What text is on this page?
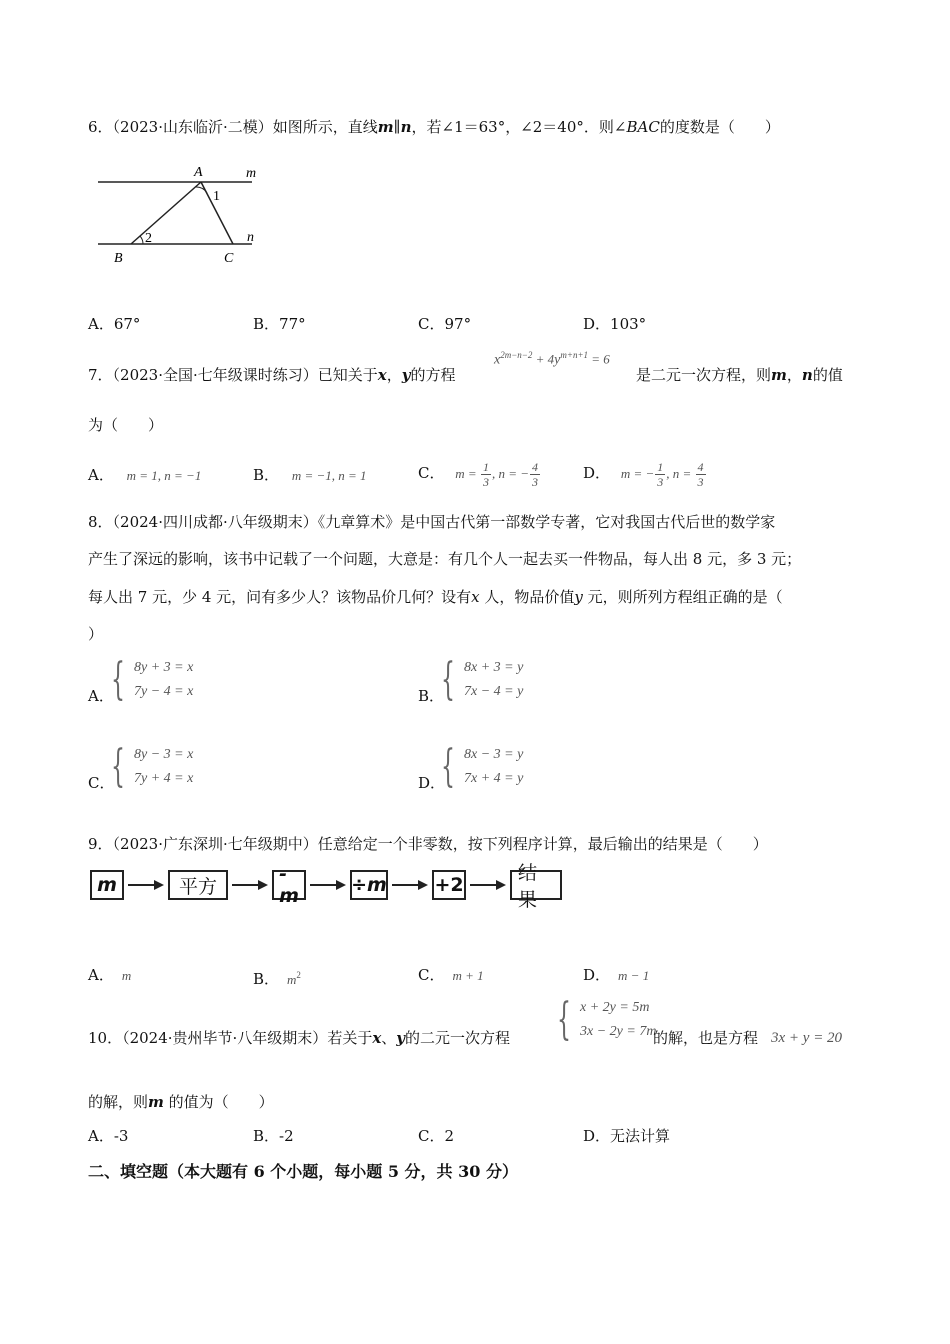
6．（2023·山东临沂·二模）如图所示，直线m∥n，若∠1＝63°，∠2＝40°．则∠BAC的度数是（　　）
A	m
1
2	n
B	C
A．67°	B．77°	C．97°	D．103°
7．（2023·全国·七年级课时练习）已知关于x，y的方程
$x^{2m-n-2} + 4y^{m+n+1} = 6$
是二元一次方程，则m，n的值
为（　　）
A． m = 1, n = −1	B． m = −1, n = 1	C． $m = \frac{1}{3}$ , n = − $\frac{4}{3}$	D． m = − $\frac{1}{3}$ , $n = \frac{4}{3}$
8．（2024·四川成都·八年级期末）《九章算术》是中国古代第一部数学专著，它对我国古代后世的数学家
产生了深远的影响，该书中记载了一个问题，大意是：有几个人一起去买一件物品，每人出 8 元，多 3 元；
每人出 7 元，少 4 元，问有多少人？该物品价几何？设有x 人，物品价值y 元，则所列方程组正确的是（
）
A．
{ 8y + 3 = x
7y − 4 = x	B．
{ 8x + 3 = y
7x − 4 = y
C．
{ 8y − 3 = x
7y + 4 = x	D．
{ 8x − 3 = y
7x + 4 = y
9．（2023·广东深圳·七年级期中）任意给定一个非零数，按下列程序计算，最后输出的结果是（　　）
m	平方
-m	÷m	+2
结果
A． m	B． $m^2$	C． m + 1	D． m − 1
10．（2024·贵州毕节·八年级期末）若关于x、y的二元一次方程 { x + 2y = 5m
3x − 2y = 7m
的解，也是方程 3x + y = 20
的解，则m 的值为（　　）
A．-3	B．-2	C．2	D．无法计算
二、填空题（本大题有 6 个小题，每小题 5 分，共 30 分）
